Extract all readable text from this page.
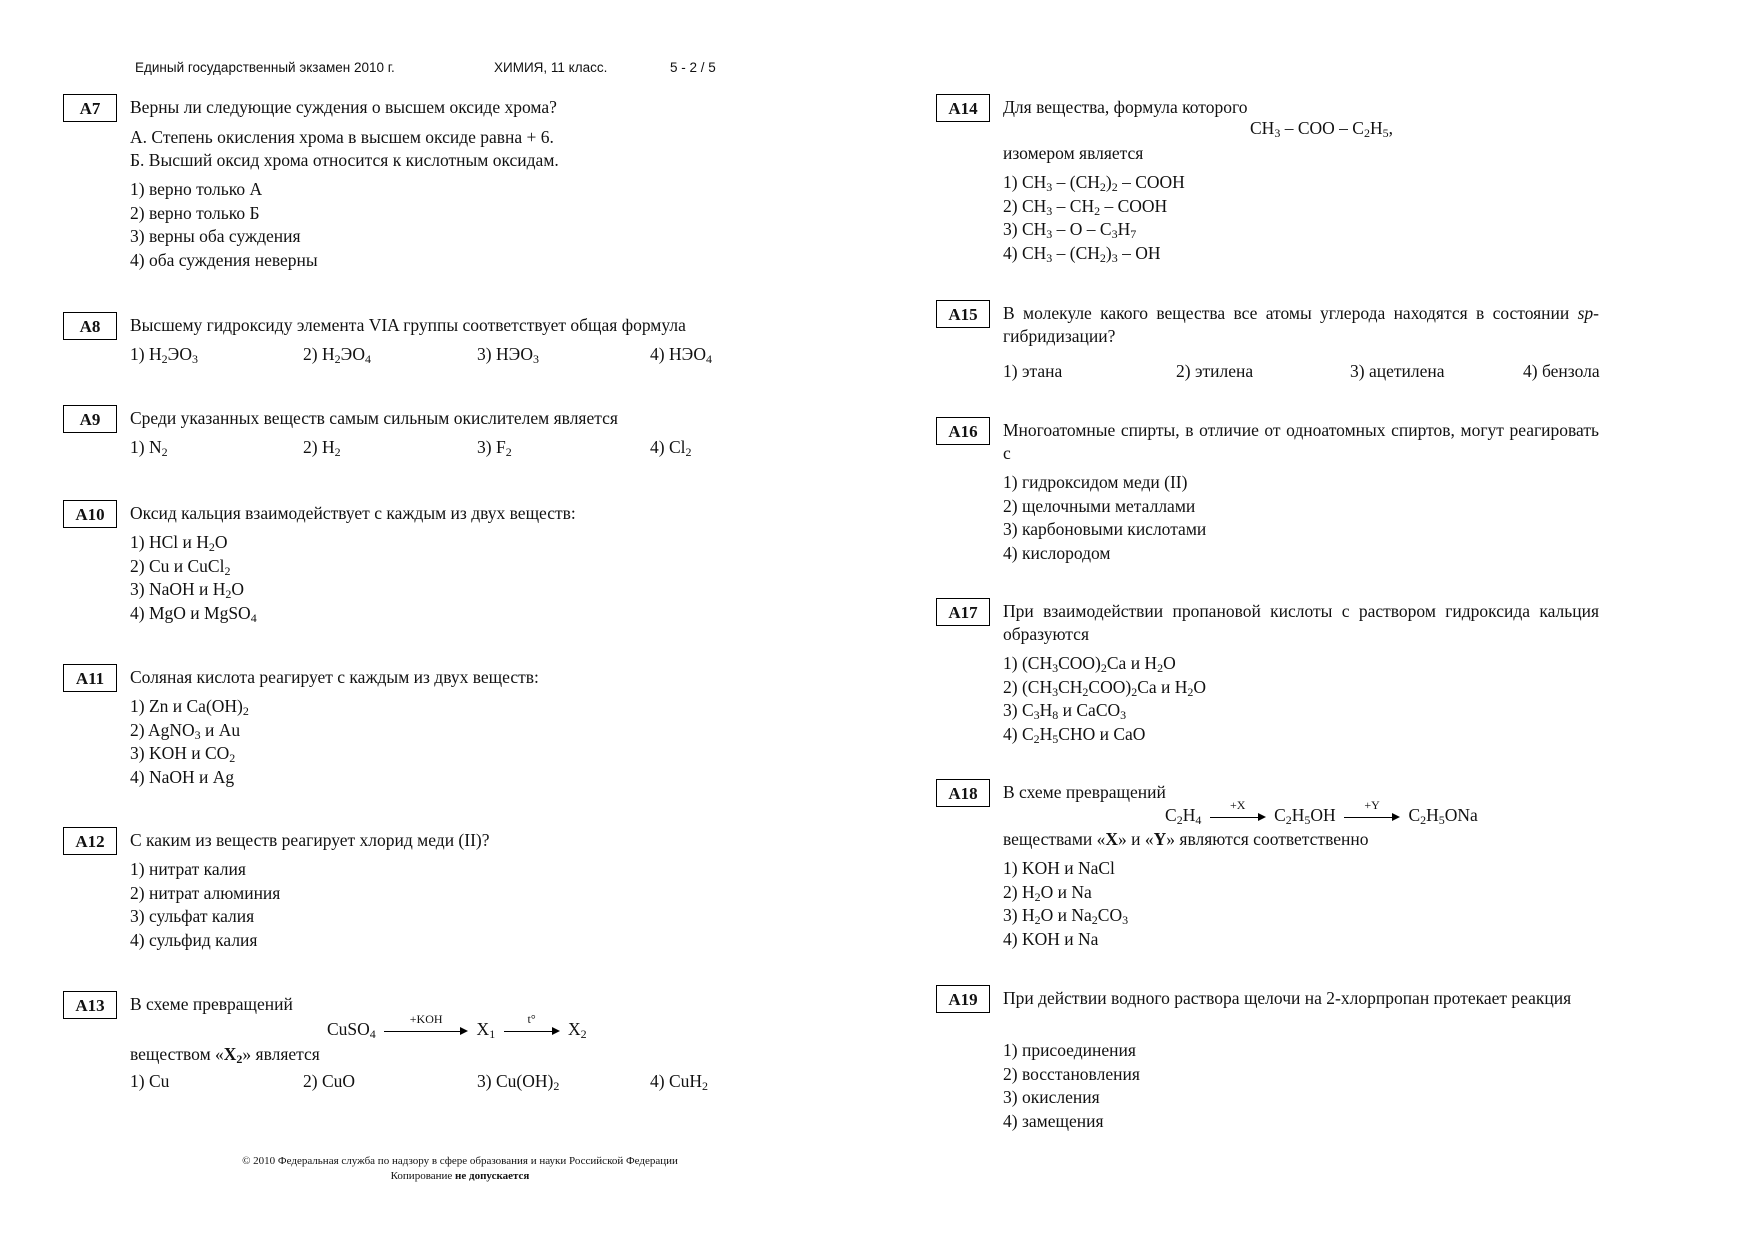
Единый государственный экзамен 2010 г.	ХИМИЯ, 11 класс.	5 - 2 / 5
А7	Верны ли следующие суждения о высшем оксиде хрома?
А. Степень окисления хрома в высшем оксиде равна + 6.
Б. Высший оксид хрома относится к кислотным оксидам.
1) верно только А
2) верно только Б
3) верны оба суждения
4) оба суждения неверны
А8	Высшему гидроксиду элемента VIA группы соответствует общая формула
1) $H_2ЭО_3$	2) $H_2ЭО_4$	3) $HЭО_3$	4) $HЭО_4$
А9	Среди указанных веществ самым сильным окислителем является
1) $N_2$	2) $H_2$	3) $F_2$	4) $Cl_2$
А10	Оксид кальция взаимодействует с каждым из двух веществ:
1) HCl и $H_2O$
2) Cu и CuCl$_2$
3) NaOH и $H_2O$
4) MgO и MgSO$_4$
А11	Соляная кислота реагирует с каждым из двух веществ:
1) Zn и $Ca(OH)_2$
2) AgNO$_3$ и Au
3) KOH и $CO_2$
4) NaOH и Ag
А12	С каким из веществ реагирует хлорид меди (II)?
1) нитрат калия
2) нитрат алюминия
3) сульфат калия
4) сульфид калия
А13	В схеме превращений
CuSO$_4$
+KOH
$X_1$
t°
$X_2$
веществом «$X_2$» является
1) Cu	2) CuO	3) $Cu(OH)_2$	4) CuH$_2$
А14	Для вещества, формула которого
$CH_3$ – COO – $C_2H_5$,
изомером является
1) $CH_3 - (CH_2)_2$ – COOH
2) $CH_3 - CH_2$ – COOH
3) $CH_3$ – O – $C_3H_7$
4) $CH_3 - (CH_2)_3$ – OH
А15	В молекуле какого вещества все атомы углерода находятся в состоянии sp-гибридизации?
1) этана	2) этилена	3) ацетилена	4) бензола
А16	Многоатомные спирты, в отличие от одноатомных спиртов, могут реагировать с
1) гидроксидом меди (II)
2) щелочными металлами
3) карбоновыми кислотами
4) кислородом
А17	При взаимодействии пропановой кислоты с раствором гидроксида кальция образуются
1) $(CH_3COO)_2Ca$ и $H_2O$
2) $(CH_3CH_2COO)_2Ca$ и $H_2O$
3) $C_3H_8$ и CaCO$_3$
4) $C_2H_5CHO$ и CaO
А18	В схеме превращений
$C_2H_4$
+X
$C_2H_5OH$
+Y
$C_2H_5ONa$
веществами «X» и «Y» являются соответственно
1) KOH и NaCl
2) $H_2O$ и Na
3) $H_2O$ и $Na_2CO_3$
4) KOH и Na
А19	При действии водного раствора щелочи на 2-хлорпропан протекает реакция
1) присоединения
2) восстановления
3) окисления
4) замещения
© 2010 Федеральная служба по надзору в сфере образования и науки Российской Федерации
Копирование не допускается
